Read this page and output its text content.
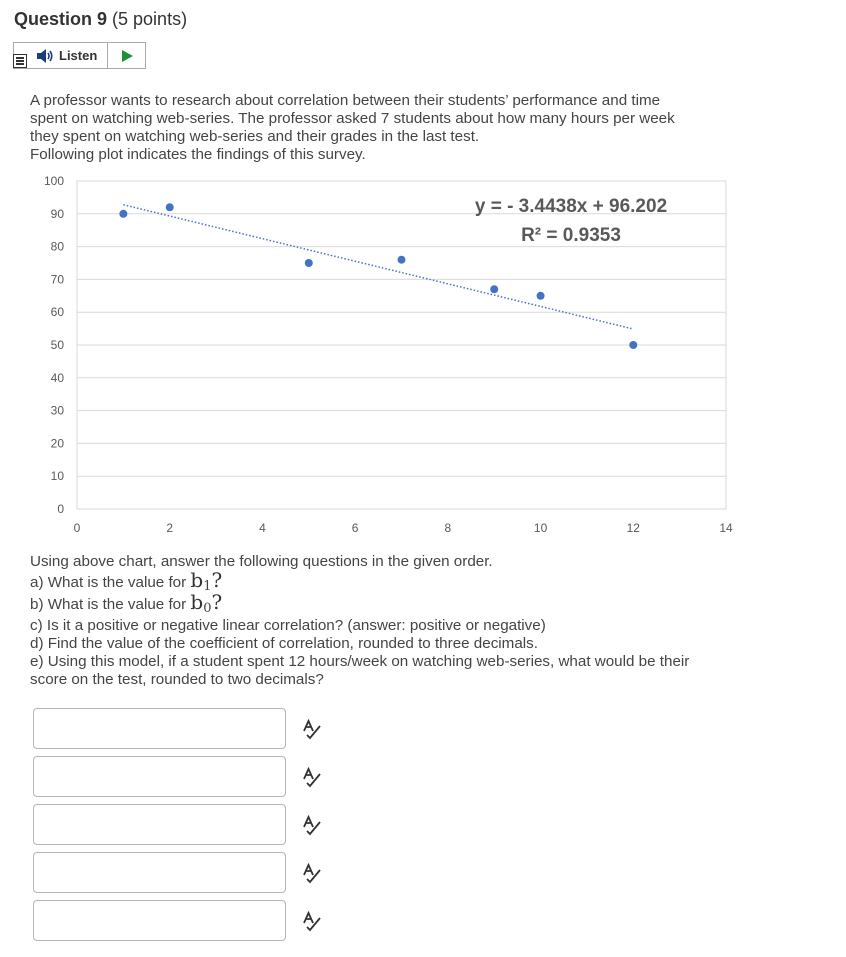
Question 9 (5 points)
Listen
A professor wants to research about correlation between their students’ performance and time
spent on watching web-series. The professor asked 7 students about how many hours per week
they spent on watching web-series and their grades in the last test.
Following plot indicates the findings of this survey.
0
10
20
30
40
50
60
70
80
90
100
0	2	4	6	8	10	12	14
y = - 3.4438x + 96.202
R² = 0.9353
Using above chart, answer the following questions in the given order.
a) What is the value for b1?
b) What is the value for b0?
c) Is it a positive or negative linear correlation? (answer: positive or negative)
d) Find the value of the coefficient of correlation, rounded to three decimals.
e) Using this model, if a student spent 12 hours/week on watching web-series, what would be their
score on the test, rounded to two decimals?
